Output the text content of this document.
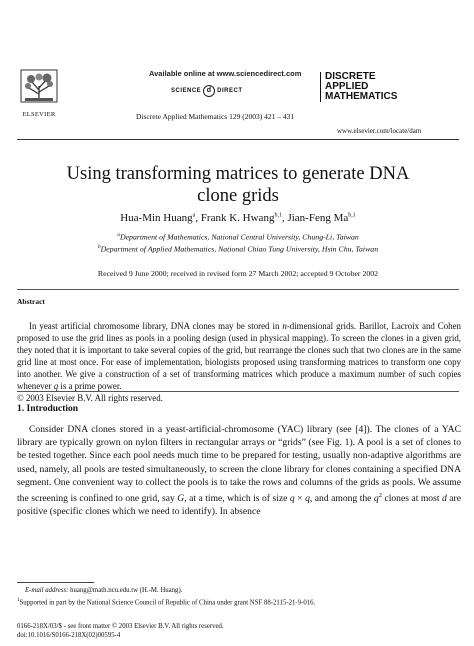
ELSEVIER
Available online at www.sciencedirect.com
SCIENCE d DIRECT
Discrete Applied Mathematics 129 (2003) 421 – 431
DISCRETE
APPLIED
MATHEMATICS
www.elsevier.com/locate/dam
Using transforming matrices to generate DNA
clone grids
Hua-Min Huang$^a$, Frank K. Hwang$^{b,1}$, Jian-Feng Ma$^{b,1}$
$^a$Department of Mathematics, National Central University, Chung-Li, Taiwan
$^b$Department of Applied Mathematics, National Chiao Tung University, Hsin Chu, Taiwan
Received 9 June 2000; received in revised form 27 March 2002; accepted 9 October 2002
Abstract

In yeast artificial chromosome library, DNA clones may be stored in n-dimensional grids. Barillot, Lacroix and Cohen proposed to use the grid lines as pools in a pooling design (used in physical mapping). To screen the clones in a given grid, they noted that it is important to take several copies of the grid, but rearrange the clones such that two clones are in the same grid line at most once. For ease of implementation, biologists proposed using transforming matrices to transform one copy into another. We give a construction of a set of transforming matrices which produce a maximum number of such copies whenever q is a prime power.

© 2003 Elsevier B.V. All rights reserved.
1. Introduction

Consider DNA clones stored in a yeast-artificial-chromosome (YAC) library (see [4]). The clones of a YAC library are typically grown on nylon filters in rectangular arrays or “grids” (see Fig. 1). A pool is a set of clones to be tested together. Since each pool needs much time to be prepared for testing, usually non-adaptive algorithms are used, namely, all pools are tested simultaneously, to screen the clone library for clones containing a specified DNA segment. One convenient way to collect the pools is to take the rows and columns of the grids as pools. We assume the screening is confined to one grid, say G, at a time, which is of size q × q, and among the $q^2$ clones at most d are positive (specific clones which we need to identify). In absence

E-mail address: huang@math.ncu.edu.tw (H.-M. Huang).
$^1$Supported in part by the National Science Council of Republic of China under grant NSF 88-2115-21-9-016.
0166-218X/03/$ - see front matter © 2003 Elsevier B.V. All rights reserved.
doi:10.1016/S0166-218X(02)00595-4
